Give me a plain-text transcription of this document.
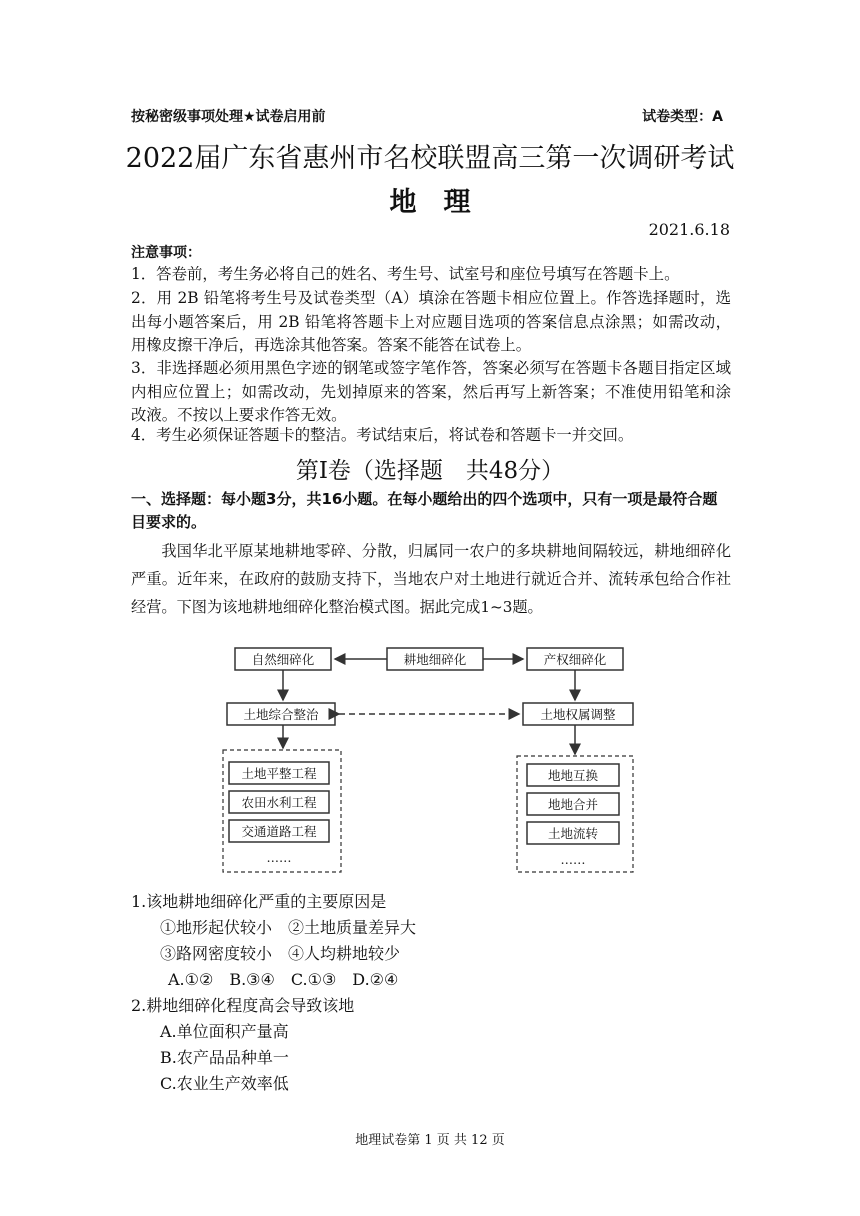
按秘密级事项处理★试卷启用前	试卷类型：A
2022届广东省惠州市名校联盟高三第一次调研考试
地　理
2021.6.18
注意事项：
1．答卷前，考生务必将自己的姓名、考生号、试室号和座位号填写在答题卡上。
2．用 2B 铅笔将考生号及试卷类型（A）填涂在答题卡相应位置上。作答选择题时，选出每小题答案后，用 2B 铅笔将答题卡上对应题目选项的答案信息点涂黑；如需改动，用橡皮擦干净后，再选涂其他答案。答案不能答在试卷上。
3．非选择题必须用黑色字迹的钢笔或签字笔作答，答案必须写在答题卡各题目指定区域内相应位置上；如需改动，先划掉原来的答案，然后再写上新答案；不准使用铅笔和涂改液。不按以上要求作答无效。
4．考生必须保证答题卡的整洁。考试结束后，将试卷和答题卡一并交回。
第Ⅰ卷（选择题　共48分）
一、选择题：每小题3分，共16小题。在每小题给出的四个选项中，只有一项是最符合题目要求的。
我国华北平原某地耕地零碎、分散，归属同一农户的多块耕地间隔较远，耕地细碎化严重。近年来，在政府的鼓励支持下，当地农户对土地进行就近合并、流转承包给合作社经营。下图为该地耕地细碎化整治模式图。据此完成1~3题。
自然细碎化	耕地细碎化	产权细碎化
土地综合整治	土地权属调整
土地平整工程
农田水利工程
交通道路工程
……
地地互换
地地合并
土地流转
……
1.该地耕地细碎化严重的主要原因是
①地形起伏较小　②土地质量差异大
③路网密度较小　④人均耕地较少
A.①②　B.③④　C.①③　D.②④
2.耕地细碎化程度高会导致该地
A.单位面积产量高
B.农产品品种单一
C.农业生产效率低
地理试卷第 1 页 共 12 页
